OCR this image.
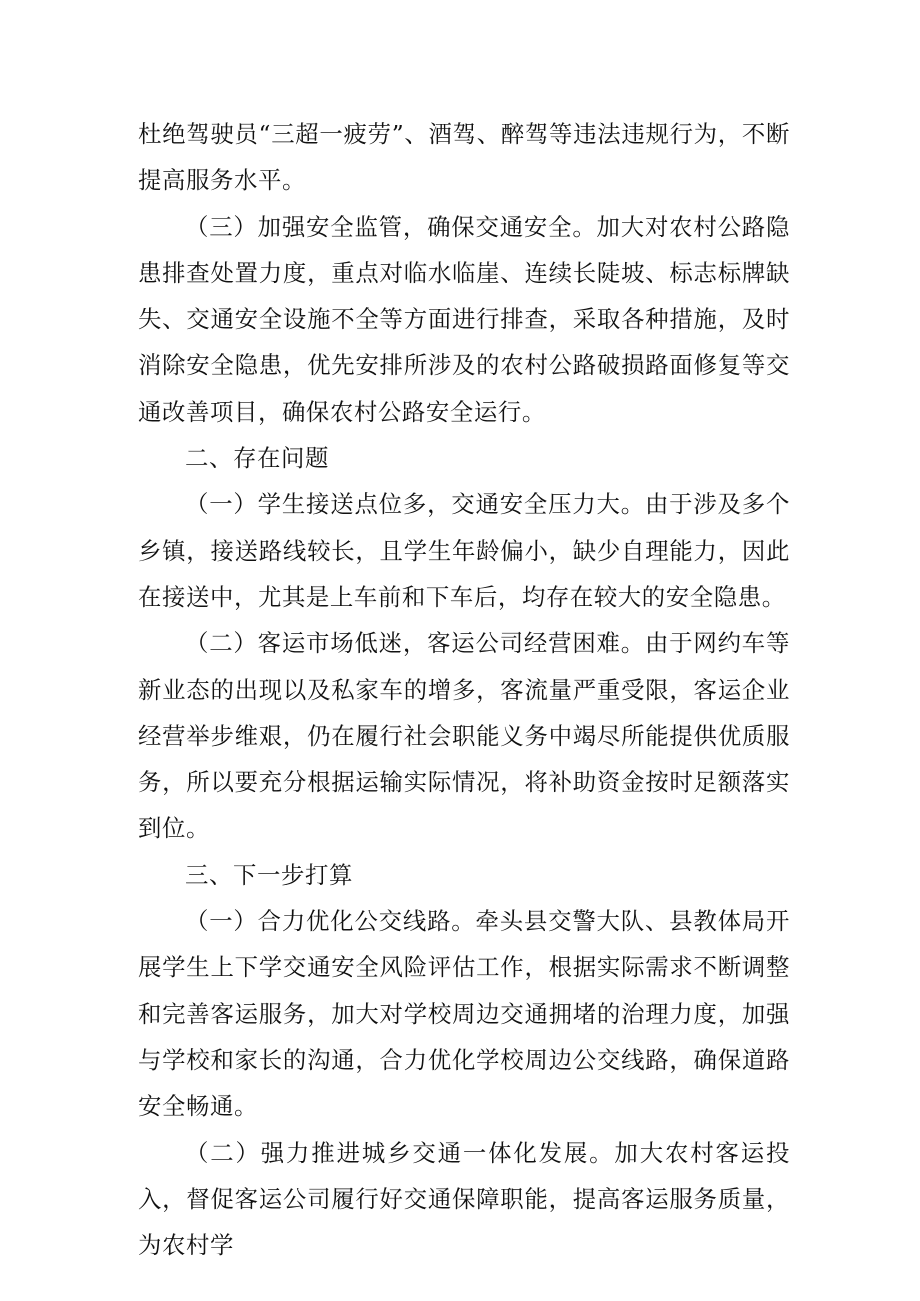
杜绝驾驶员“三超一疲劳”、酒驾、醉驾等违法违规行为，不断提高服务水平。

（三）加强安全监管，确保交通安全。加大对农村公路隐患排查处置力度，重点对临水临崖、连续长陡坡、标志标牌缺失、交通安全设施不全等方面进行排查，采取各种措施，及时消除安全隐患，优先安排所涉及的农村公路破损路面修复等交通改善项目，确保农村公路安全运行。

二、存在问题

（一）学生接送点位多，交通安全压力大。由于涉及多个乡镇，接送路线较长，且学生年龄偏小，缺少自理能力，因此在接送中，尤其是上车前和下车后，均存在较大的安全隐患。

（二）客运市场低迷，客运公司经营困难。由于网约车等新业态的出现以及私家车的增多，客流量严重受限，客运企业经营举步维艰，仍在履行社会职能义务中竭尽所能提供优质服务，所以要充分根据运输实际情况，将补助资金按时足额落实到位。

三、下一步打算

（一）合力优化公交线路。牵头县交警大队、县教体局开展学生上下学交通安全风险评估工作，根据实际需求不断调整和完善客运服务，加大对学校周边交通拥堵的治理力度，加强与学校和家长的沟通，合力优化学校周边公交线路，确保道路安全畅通。

（二）强力推进城乡交通一体化发展。加大农村客运投入，督促客运公司履行好交通保障职能，提高客运服务质量，为农村学
